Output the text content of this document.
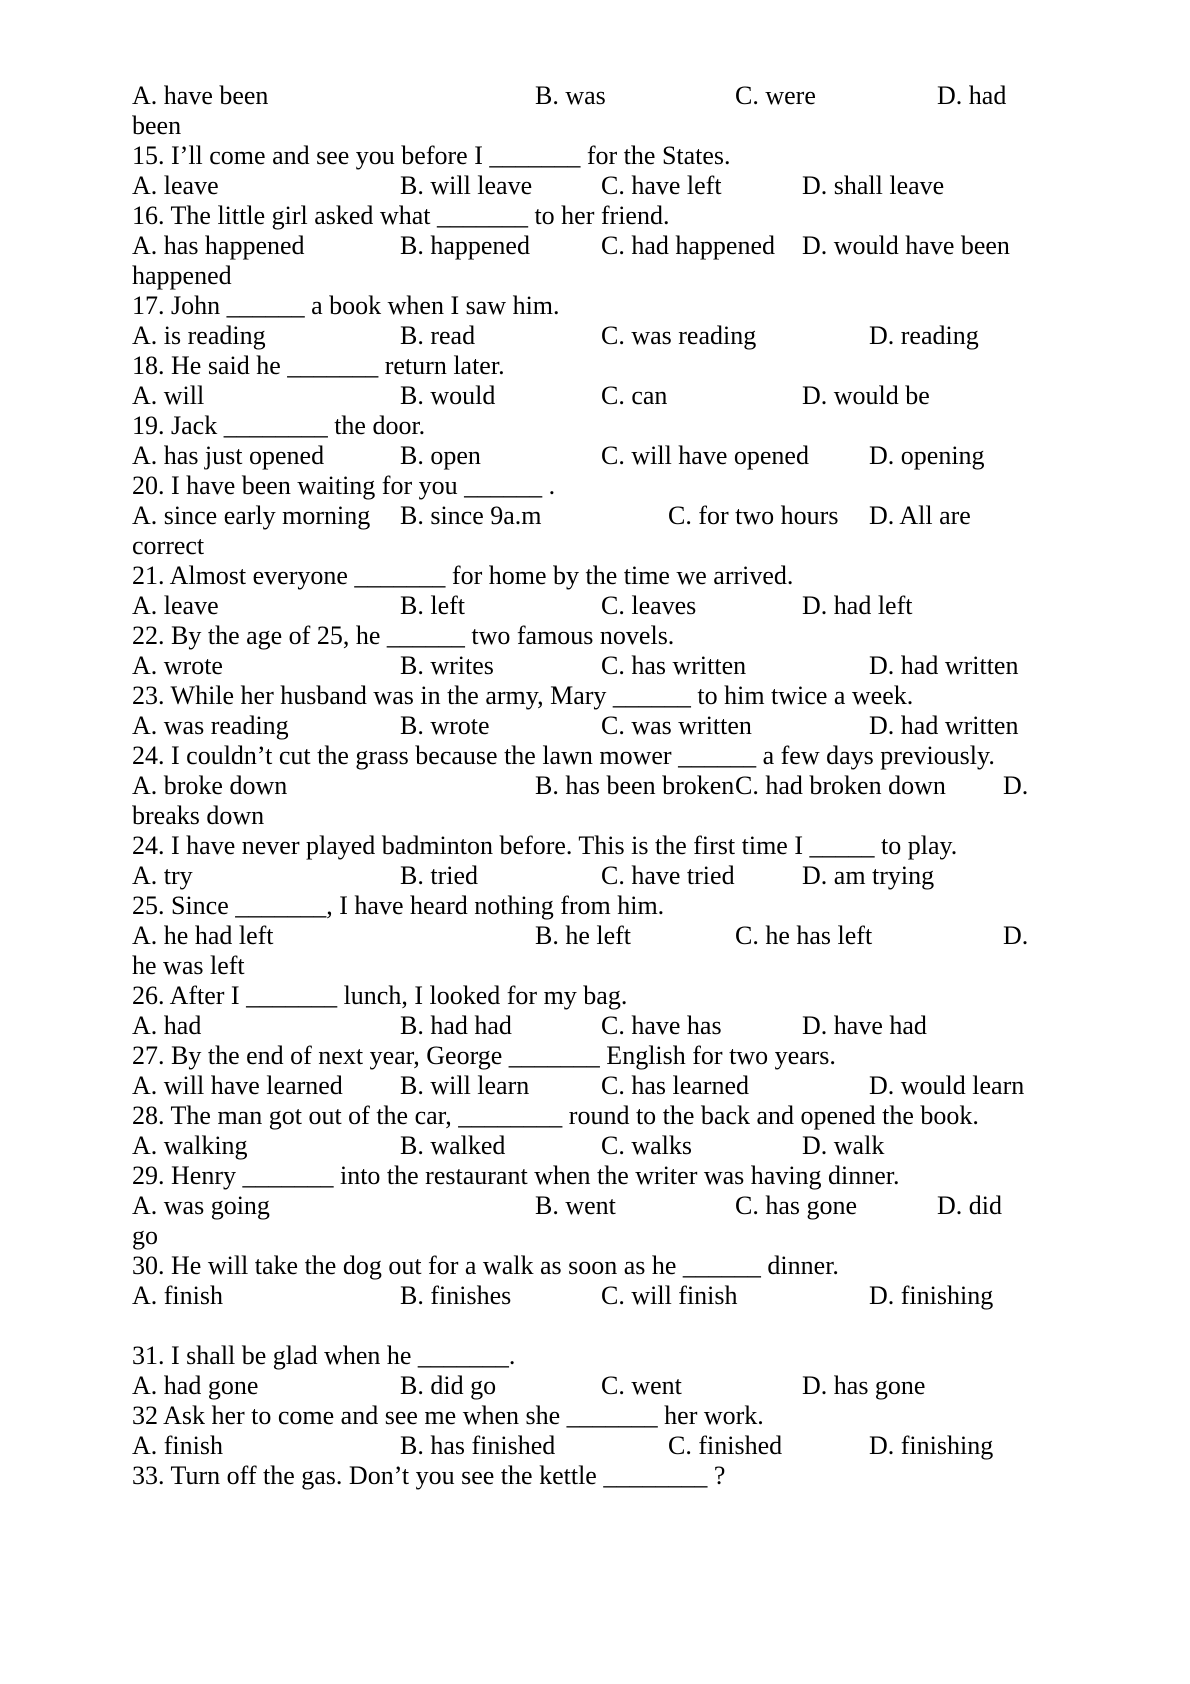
A. have been	B. was	C. were	D. had
been
15. I’ll come and see you before I _______ for the States.
A. leave	B. will leave	C. have left	D. shall leave
16. The little girl asked what _______ to her friend.
A. has happened	B. happened	C. had happened D. would have been
happened
17. John ______ a book when I saw him.
A. is reading	B. read	C. was reading	D. reading
18. He said he _______ return later.
A. will	B. would	C. can	D. would be
19. Jack ________ the door.
A. has just opened	B. open	C. will have opened D. opening
20. I have been waiting for you ______ .
A. since early morning B. since 9a.m	C. for two hours D. All are
correct
21. Almost everyone _______ for home by the time we arrived.
A. leave	B. left	C. leaves	D. had left
22. By the age of 25, he ______ two famous novels.
A. wrote	B. writes	C. has written	D. had written
23. While her husband was in the army, Mary ______ to him twice a week.
A. was reading	B. wrote	C. was written	D. had written
24. I couldn’t cut the grass because the lawn mower ______ a few days previously.
A. broke down	B. has been broken C. had broken down D.
breaks down
24. I have never played badminton before. This is the first time I _____ to play.
A. try	B. tried	C. have tried	D. am trying
25. Since _______, I have heard nothing from him.
A. he had left	B. he left	C. he has left	D.
he was left
26. After I _______ lunch, I looked for my bag.
A. had	B. had had	C. have has	D. have had
27. By the end of next year, George _______ English for two years.
A. will have learned B. will learn	C. has learned	D. would learn
28. The man got out of the car, ________ round to the back and opened the book.
A. walking	B. walked	C. walks	D. walk
29. Henry _______ into the restaurant when the writer was having dinner.
A. was going	B. went	C. has gone	D. did
go
30. He will take the dog out for a walk as soon as he ______ dinner.
A. finish	B. finishes	C. will finish	D. finishing
31. I shall be glad when he _______.
A. had gone	B. did go	C. went	D. has gone
32 Ask her to come and see me when she _______ her work.
A. finish	B. has finished	C. finished	D. finishing
33. Turn off the gas. Don’t you see the kettle ________ ?
